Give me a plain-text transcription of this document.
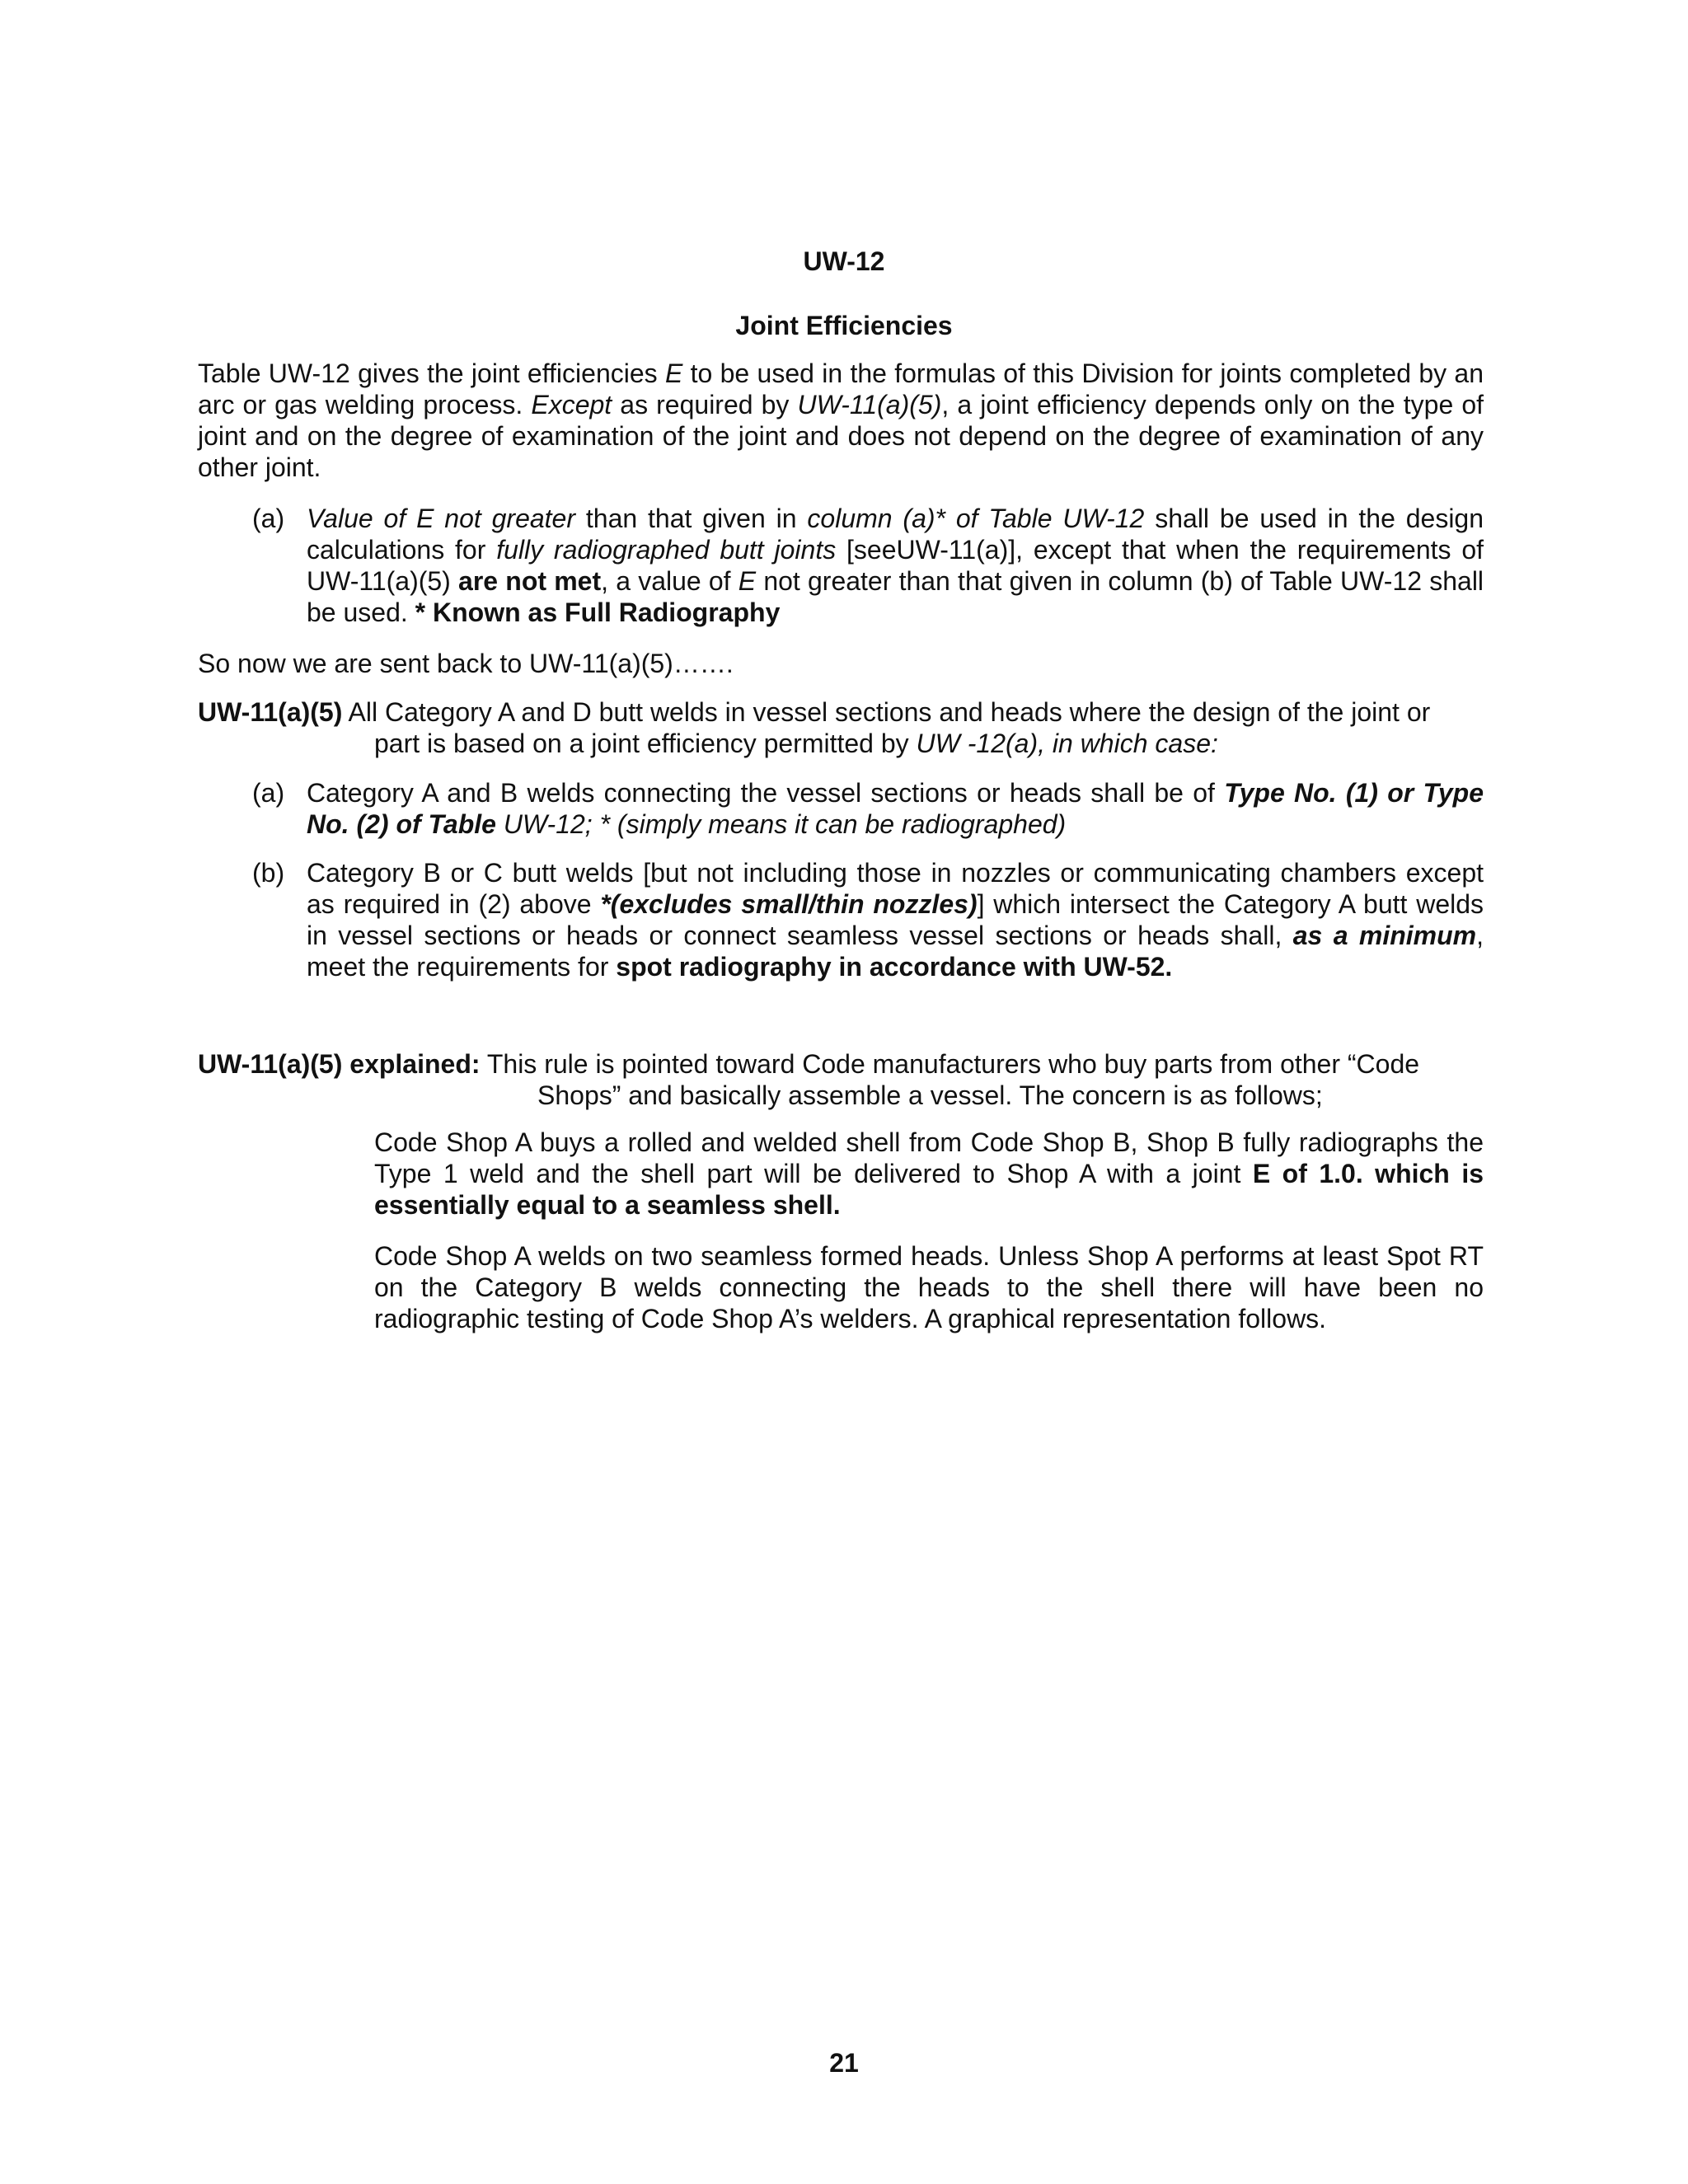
UW-12
Joint Efficiencies

Table UW-12 gives the joint efficiencies E to be used in the formulas of this Division for joints completed by an arc or gas welding process. Except as required by UW-11(a)(5), a joint efficiency depends only on the type of joint and on the degree of examination of the joint and does not depend on the degree of examination of any other joint.

(a) Value of E not greater than that given in column (a)* of Table UW-12 shall be used in the design calculations for fully radiographed butt joints [seeUW-11(a)], except that when the requirements of UW-11(a)(5) are not met, a value of E not greater than that given in column (b) of Table UW-12 shall be used. * Known as Full Radiography
So now we are sent back to UW-11(a)(5)…….
UW-11(a)(5) All Category A and D butt welds in vessel sections and heads where the design of the joint or
part is based on a joint efficiency permitted by UW -12(a), in which case:
(a) Category A and B welds connecting the vessel sections or heads shall be of Type No. (1) or Type No. (2) of Table UW-12; * (simply means it can be radiographed)
(b) Category B or C butt welds [but not including those in nozzles or communicating chambers except as required in (2) above *(excludes small/thin nozzles)] which intersect the Category A butt welds in vessel sections or heads or connect seamless vessel sections or heads shall, as a minimum, meet the requirements for spot radiography in accordance with UW-52.
UW-11(a)(5) explained: This rule is pointed toward Code manufacturers who buy parts from other “Code
Shops” and basically assemble a vessel. The concern is as follows;
Code Shop A buys a rolled and welded shell from Code Shop B, Shop B fully radiographs the Type 1 weld and the shell part will be delivered to Shop A with a joint E of 1.0. which is essentially equal to a seamless shell.
Code Shop A welds on two seamless formed heads. Unless Shop A performs at least Spot RT on the Category B welds connecting the heads to the shell there will have been no radiographic testing of Code Shop A’s welders. A graphical representation follows.
21
